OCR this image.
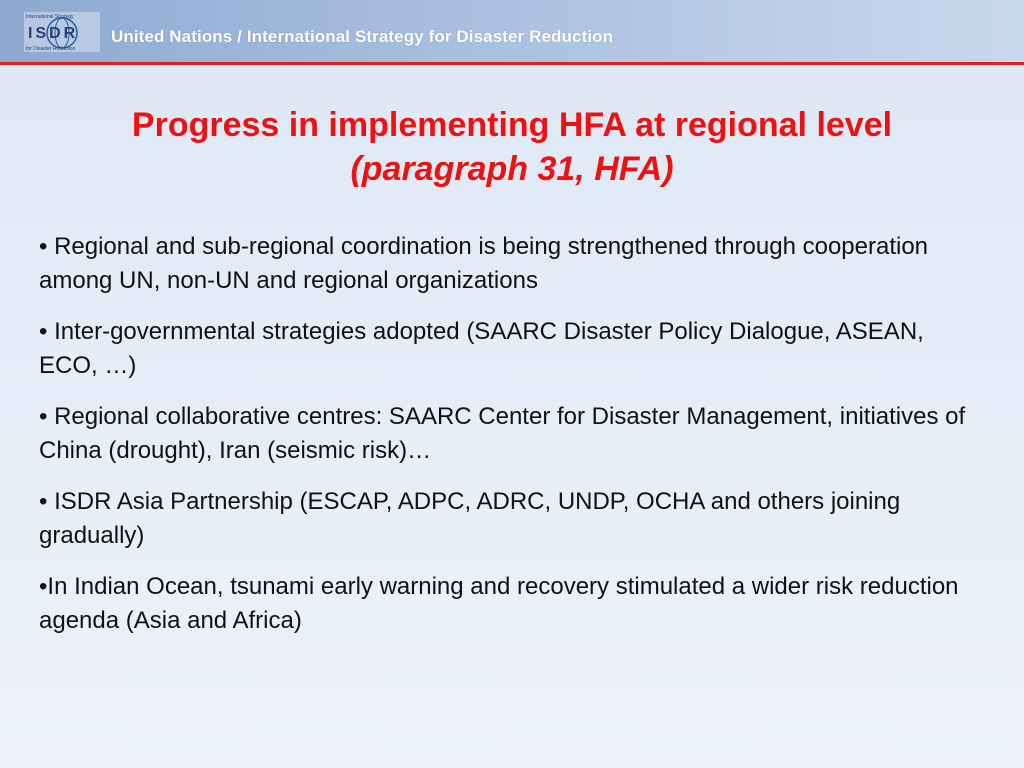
International Strategy
ISDR
for Disaster Reduction
United Nations / International Strategy for Disaster Reduction
Progress in implementing HFA at regional level
(paragraph 31, HFA)

• Regional and sub-regional coordination is being strengthened through cooperation among UN, non-UN and regional organizations

• Inter-governmental strategies adopted (SAARC Disaster Policy Dialogue, ASEAN, ECO, …)

• Regional collaborative centres: SAARC Center for Disaster Management, initiatives of China (drought), Iran (seismic risk)…

• ISDR Asia Partnership (ESCAP, ADPC, ADRC, UNDP, OCHA and others joining gradually)

•In Indian Ocean, tsunami early warning and recovery stimulated a wider risk reduction agenda (Asia and Africa)
